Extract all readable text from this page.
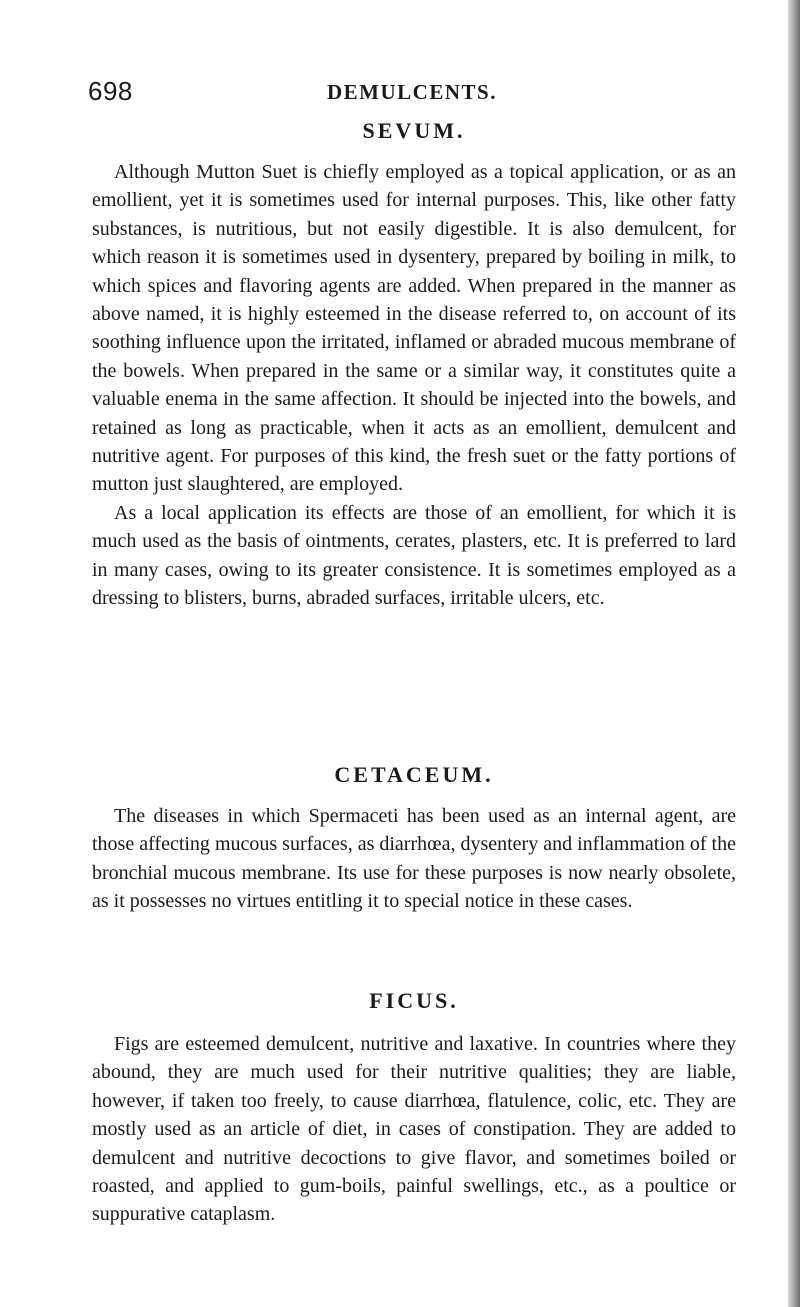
698	DEMULCENTS.
SEVUM.

Although Mutton Suet is chiefly employed as a topical application, or as an emollient, yet it is sometimes used for internal purposes. This, like other fatty substances, is nutritious, but not easily digestible. It is also demulcent, for which reason it is sometimes used in dysentery, prepared by boiling in milk, to which spices and flavoring agents are added. When prepared in the manner as above named, it is highly esteemed in the disease referred to, on account of its soothing influence upon the irritated, inflamed or abraded mucous membrane of the bowels. When prepared in the same or a similar way, it constitutes quite a valuable enema in the same affection. It should be injected into the bowels, and retained as long as practicable, when it acts as an emollient, demulcent and nutritive agent. For purposes of this kind, the fresh suet or the fatty portions of mutton just slaughtered, are employed.

As a local application its effects are those of an emollient, for which it is much used as the basis of ointments, cerates, plasters, etc. It is preferred to lard in many cases, owing to its greater consistence. It is sometimes employed as a dressing to blisters, burns, abraded surfaces, irritable ulcers, etc.

CETACEUM.

The diseases in which Spermaceti has been used as an internal agent, are those affecting mucous surfaces, as diarrhœa, dysentery and inflammation of the bronchial mucous membrane. Its use for these purposes is now nearly obsolete, as it possesses no virtues entitling it to special notice in these cases.

FICUS.

Figs are esteemed demulcent, nutritive and laxative. In countries where they abound, they are much used for their nutritive qualities; they are liable, however, if taken too freely, to cause diarrhœa, flatulence, colic, etc. They are mostly used as an article of diet, in cases of constipation. They are added to demulcent and nutritive decoctions to give flavor, and sometimes boiled or roasted, and applied to gum-boils, painful swellings, etc., as a poultice or suppurative cataplasm.
